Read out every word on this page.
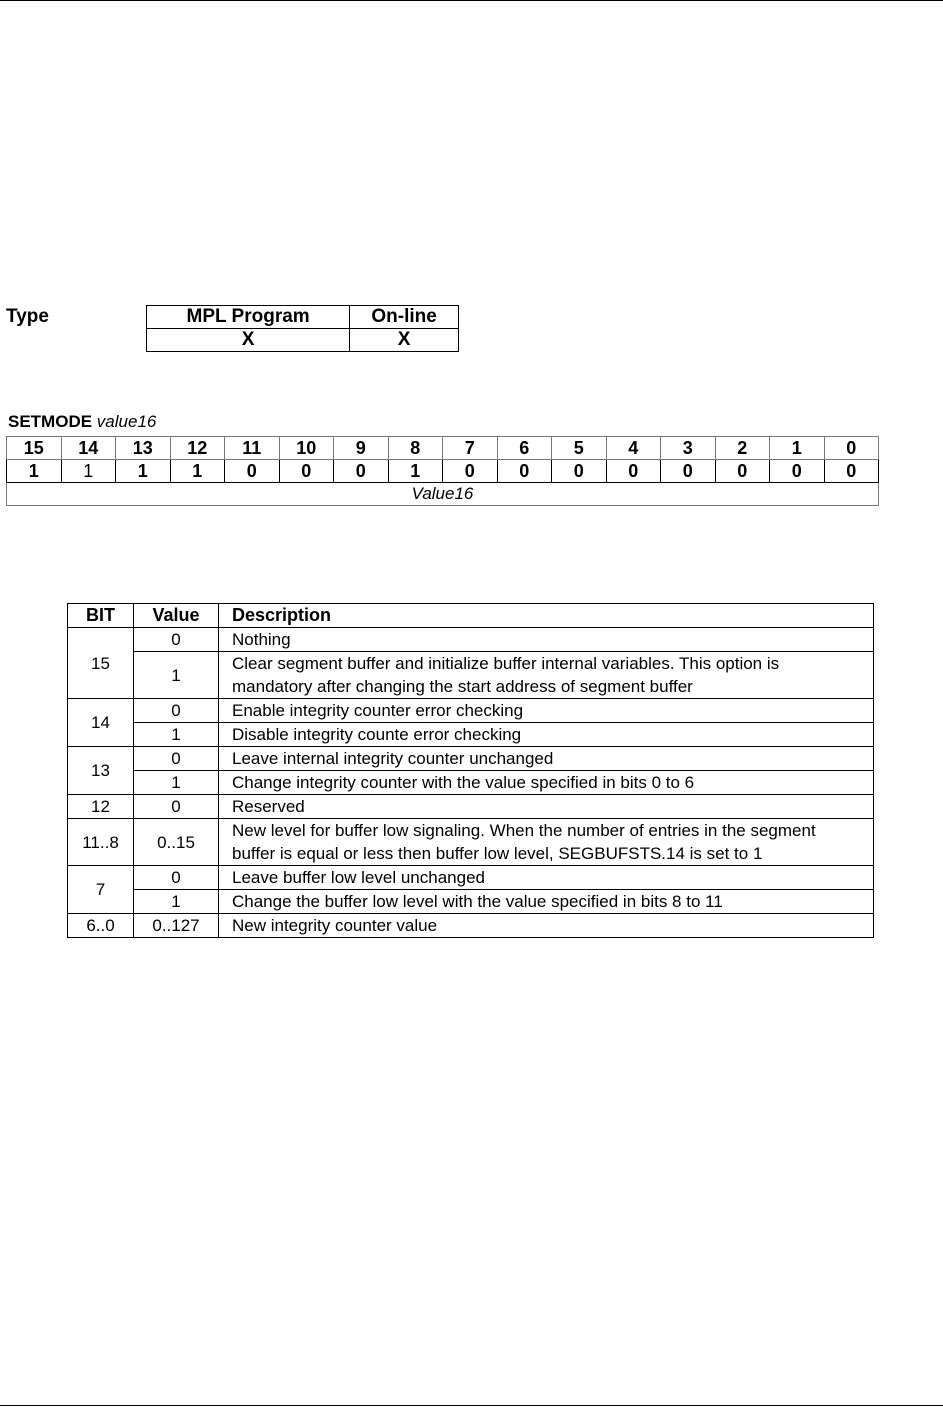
Type	MPL Program	On-line
X	X
SETMODE value16
15	14	13	12	11	10	9	8	7	6	5	4	3	2	1	0
1	1	1	1	0	0	0	1	0	0	0	0	0	0	0	0
Value16															
BIT	Value	Description
15	0	Nothing
	1	Clear segment buffer and initialize buffer internal variables. This option is mandatory after changing the start address of segment buffer
14	0	Enable integrity counter error checking
	1	Disable integrity counte error checking
13	0	Leave internal integrity counter unchanged
	1	Change integrity counter with the value specified in bits 0 to 6
12	0	Reserved
11..8	0..15	New level for buffer low signaling. When the number of entries in the segment buffer is equal or less then buffer low level, SEGBUFSTS.14 is set to 1
7	0	Leave buffer low level unchanged
	1	Change the buffer low level with the value specified in bits 8 to 11
6..0	0..127	New integrity counter value
